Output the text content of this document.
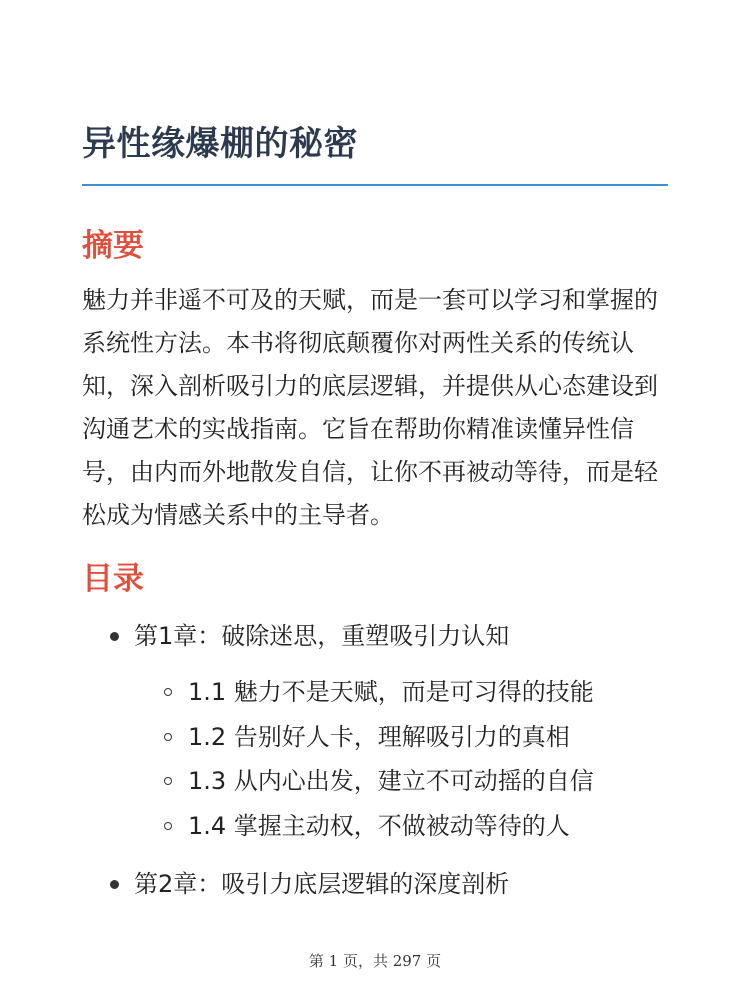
异性缘爆棚的秘密
摘要

魅力并非遥不可及的天赋，而是一套可以学习和掌握的系统性方法。本书将彻底颠覆你对两性关系的传统认知，深入剖析吸引力的底层逻辑，并提供从心态建设到沟通艺术的实战指南。它旨在帮助你精准读懂异性信号，由内而外地散发自信，让你不再被动等待，而是轻松成为情感关系中的主导者。

目录
第1章：破除迷思，重塑吸引力认知
1.1 魅力不是天赋，而是可习得的技能
1.2 告别好人卡，理解吸引力的真相
1.3 从内心出发，建立不可动摇的自信
1.4 掌握主动权，不做被动等待的人
第2章：吸引力底层逻辑的深度剖析
第 1 页，共 297 页
